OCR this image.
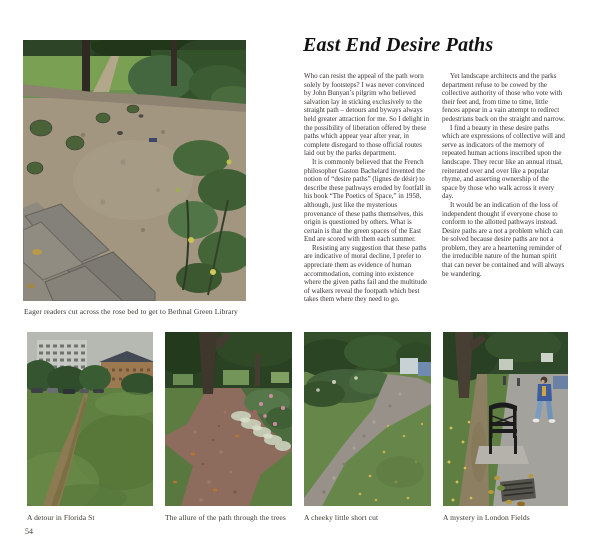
Eager readers cut across the rose bed to get to Bethnal Green Library
East End Desire Paths

Who can resist the appeal of the path worn solely by footsteps? I was never convinced by John Bunyan’s pilgrim who believed salvation lay in sticking exclusively to the straight path – detours and byways always held greater attraction for me. So I delight in the possibility of liberation offered by these paths which appear year after year, in complete disregard to those official routes laid out by the parks department.

It is commonly believed that the French philosopher Gaston Bachelard invented the notion of “desire paths” (lignes de désir) to describe these pathways eroded by footfall in his book “The Poetics of Space,” in 1958, although, just like the mysterious provenance of these paths themselves, this origin is questioned by others. What is certain is that the green spaces of the East End are scored with them each summer.

Resisting any suggestion that these paths are indicative of moral decline, I prefer to appreciate them as evidence of human accommodation, coming into existence where the given paths fail and the multitude of walkers reveal the footpath which best takes them where they need to go.

Yet landscape architects and the parks department refuse to be cowed by the collective authority of those who vote with their feet and, from time to time, little fences appear in a vain attempt to redirect pedestrians back on the straight and narrow.

I find a beauty in these desire paths which are expressions of collective will and serve as indicators of the memory of repeated human actions inscribed upon the landscape. They recur like an annual ritual, reiterated over and over like a popular rhyme, and asserting ownership of the space by those who walk across it every day.

It would be an indication of the loss of independent thought if everyone chose to conform to the allotted pathways instead. Desire paths are a not a problem which can be solved because desire paths are not a problem, they are a heartening reminder of the irreducible nature of the human spirit that can never be contained and will always be wandering.

A detour in Florida St	The allure of the path through the trees A cheeky little short cut	A mystery in London Fields
54
